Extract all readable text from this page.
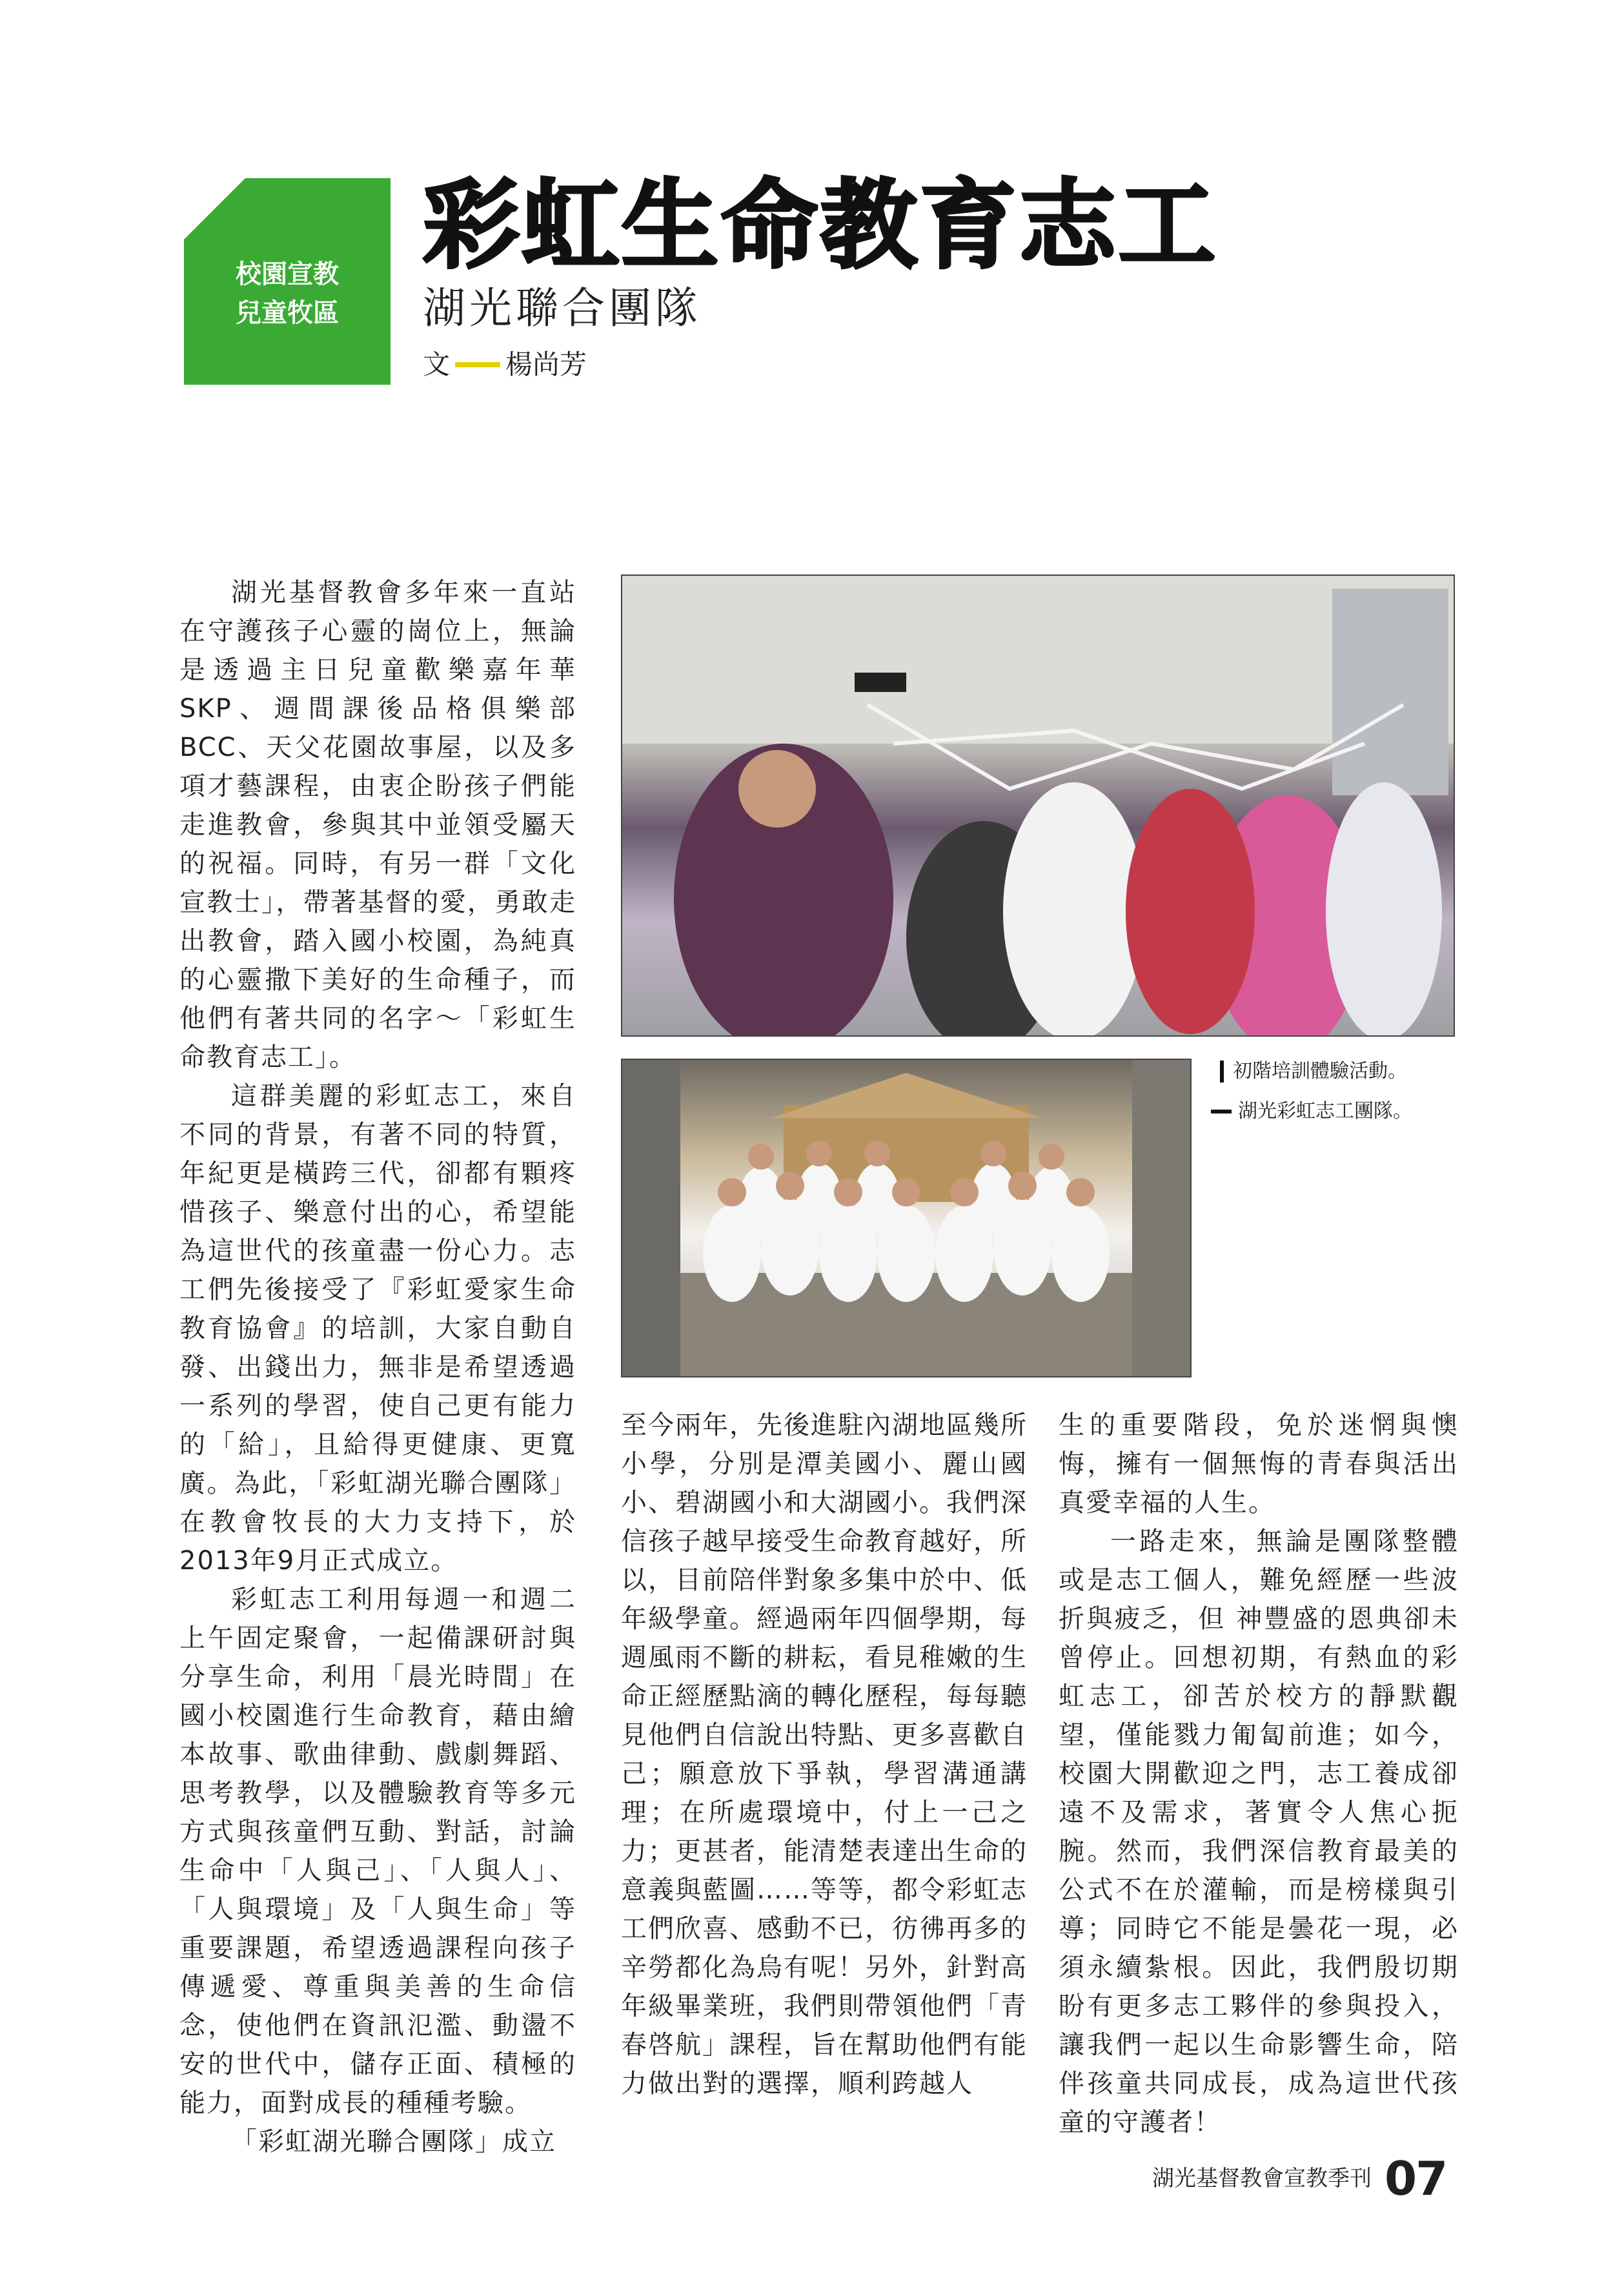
校園宣教
兒童牧區
彩虹生命教育志工
湖光聯合團隊
文 楊尚芳

湖光基督教會多年來一直站在守護孩子心靈的崗位上，無論是透過主日兒童歡樂嘉年華SKP、週間課後品格俱樂部BCC、天父花園故事屋，以及多項才藝課程，由衷企盼孩子們能走進教會，參與其中並領受屬天的祝福。同時，有另一群「文化宣教士」，帶著基督的愛，勇敢走出教會，踏入國小校園，為純真的心靈撒下美好的生命種子，而他們有著共同的名字～「彩虹生命教育志工」。

這群美麗的彩虹志工，來自不同的背景，有著不同的特質，年紀更是橫跨三代，卻都有顆疼惜孩子、樂意付出的心，希望能為這世代的孩童盡一份心力。志工們先後接受了『彩虹愛家生命教育協會』的培訓，大家自動自發、出錢出力，無非是希望透過一系列的學習，使自己更有能力的「給」，且給得更健康、更寬廣。為此，「彩虹湖光聯合團隊」在教會牧長的大力支持下，於2013年9月正式成立。

彩虹志工利用每週一和週二上午固定聚會，一起備課研討與分享生命，利用「晨光時間」在國小校園進行生命教育，藉由繪本故事、歌曲律動、戲劇舞蹈、思考教學，以及體驗教育等多元方式與孩童們互動、對話，討論生命中「人與己」、「人與人」、「人與環境」及「人與生命」等重要課題，希望透過課程向孩子傳遞愛、尊重與美善的生命信念，使他們在資訊氾濫、動盪不安的世代中，儲存正面、積極的能力，面對成長的種種考驗。

「彩虹湖光聯合團隊」成立

初階培訓體驗活動。
湖光彩虹志工團隊。

至今兩年，先後進駐內湖地區幾所小學，分別是潭美國小、麗山國小、碧湖國小和大湖國小。我們深信孩子越早接受生命教育越好，所以，目前陪伴對象多集中於中、低年級學童。經過兩年四個學期，每週風雨不斷的耕耘，看見稚嫩的生命正經歷點滴的轉化歷程，每每聽見他們自信說出特點、更多喜歡自己；願意放下爭執，學習溝通講理；在所處環境中，付上一己之力；更甚者，能清楚表達出生命的意義與藍圖……等等，都令彩虹志工們欣喜、感動不已，彷彿再多的辛勞都化為烏有呢！另外，針對高年級畢業班，我們則帶領他們「青春啓航」課程，旨在幫助他們有能力做出對的選擇，順利跨越人

生的重要階段，免於迷惘與懊悔，擁有一個無悔的青春與活出真愛幸福的人生。

一路走來，無論是團隊整體或是志工個人，難免經歷一些波折與疲乏，但 神豐盛的恩典卻未曾停止。回想初期，有熱血的彩虹志工，卻苦於校方的靜默觀望，僅能戮力匍匐前進；如今，校園大開歡迎之門，志工養成卻遠不及需求，著實令人焦心扼腕。然而，我們深信教育最美的公式不在於灌輸，而是榜樣與引導；同時它不能是曇花一現，必須永續紮根。因此，我們殷切期盼有更多志工夥伴的參與投入，讓我們一起以生命影響生命，陪伴孩童共同成長，成為這世代孩童的守護者！

湖光基督教會宣教季刊 07
